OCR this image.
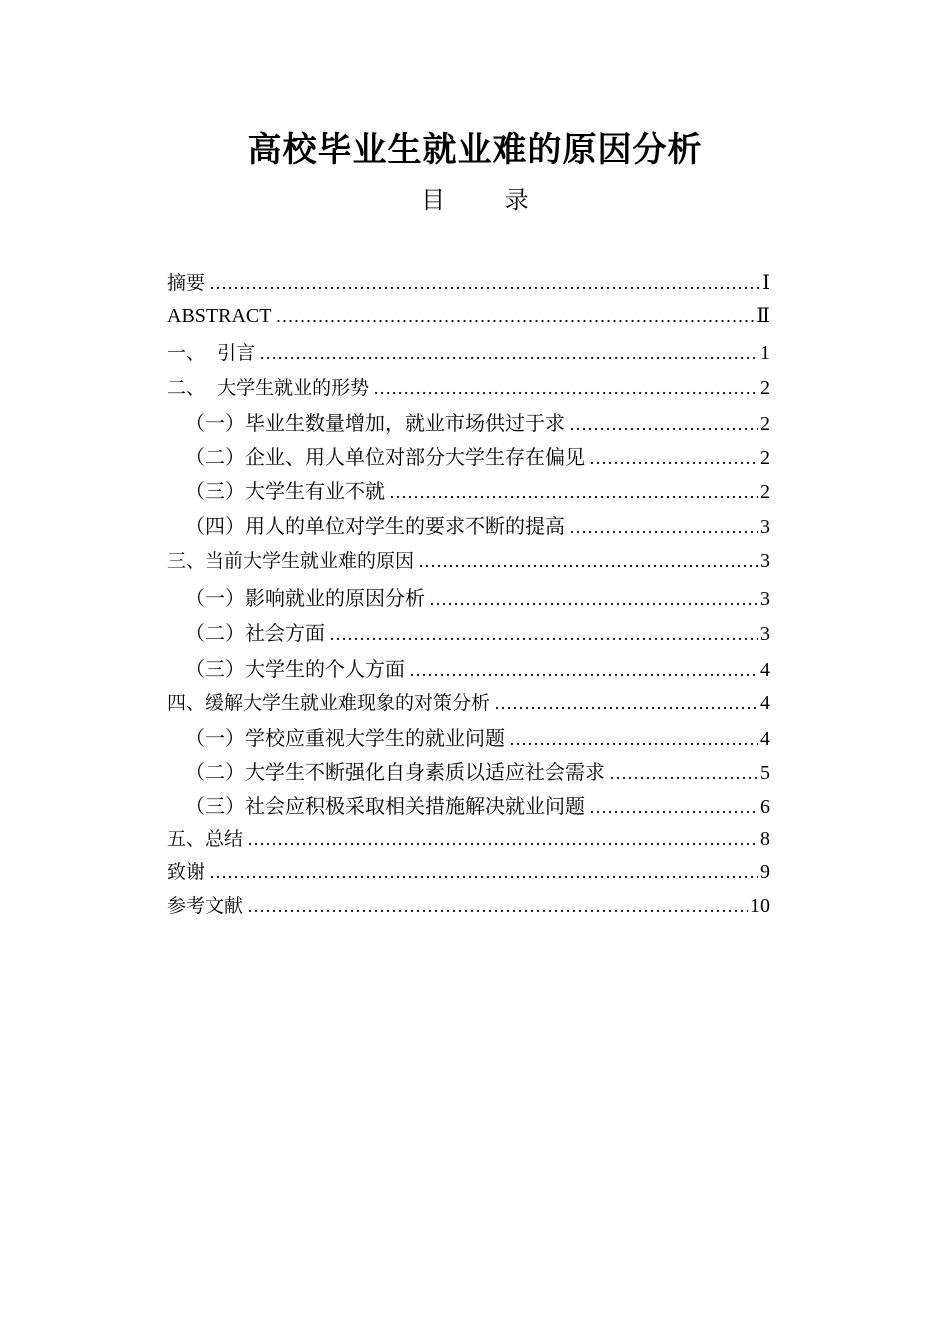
高校毕业生就业难的原因分析
目 录
摘要 ……………………………………………………………………………………………………………………………………………………………………	Ⅰ
ABSTRACT ……………………………………………………………………………………………………………………………………………………………………	Ⅱ
一、  引言 ……………………………………………………………………………………………………………………………………………………………………	1
二、  大学生就业的形势 ……………………………………………………………………………………………………………………………………………………………………	2
（一）毕业生数量增加，就业市场供过于求 ……………………………………………………………………………………………………………………………………………………………………	2
（二）企业、用人单位对部分大学生存在偏见 ……………………………………………………………………………………………………………………………………………………………………	2
（三）大学生有业不就 ……………………………………………………………………………………………………………………………………………………………………	2
（四）用人的单位对学生的要求不断的提高 ……………………………………………………………………………………………………………………………………………………………………	3
三、当前大学生就业难的原因 ……………………………………………………………………………………………………………………………………………………………………	3
（一）影响就业的原因分析 ……………………………………………………………………………………………………………………………………………………………………	3
（二）社会方面 ……………………………………………………………………………………………………………………………………………………………………	3
（三）大学生的个人方面 ……………………………………………………………………………………………………………………………………………………………………	4
四、缓解大学生就业难现象的对策分析 ……………………………………………………………………………………………………………………………………………………………………	4
（一）学校应重视大学生的就业问题 ……………………………………………………………………………………………………………………………………………………………………	4
（二）大学生不断强化自身素质以适应社会需求 ……………………………………………………………………………………………………………………………………………………………………	5
（三）社会应积极采取相关措施解决就业问题 ……………………………………………………………………………………………………………………………………………………………………	6
五、总结 ……………………………………………………………………………………………………………………………………………………………………	8
致谢 ……………………………………………………………………………………………………………………………………………………………………	9
参考文献 ……………………………………………………………………………………………………………………………………………………………………	10
